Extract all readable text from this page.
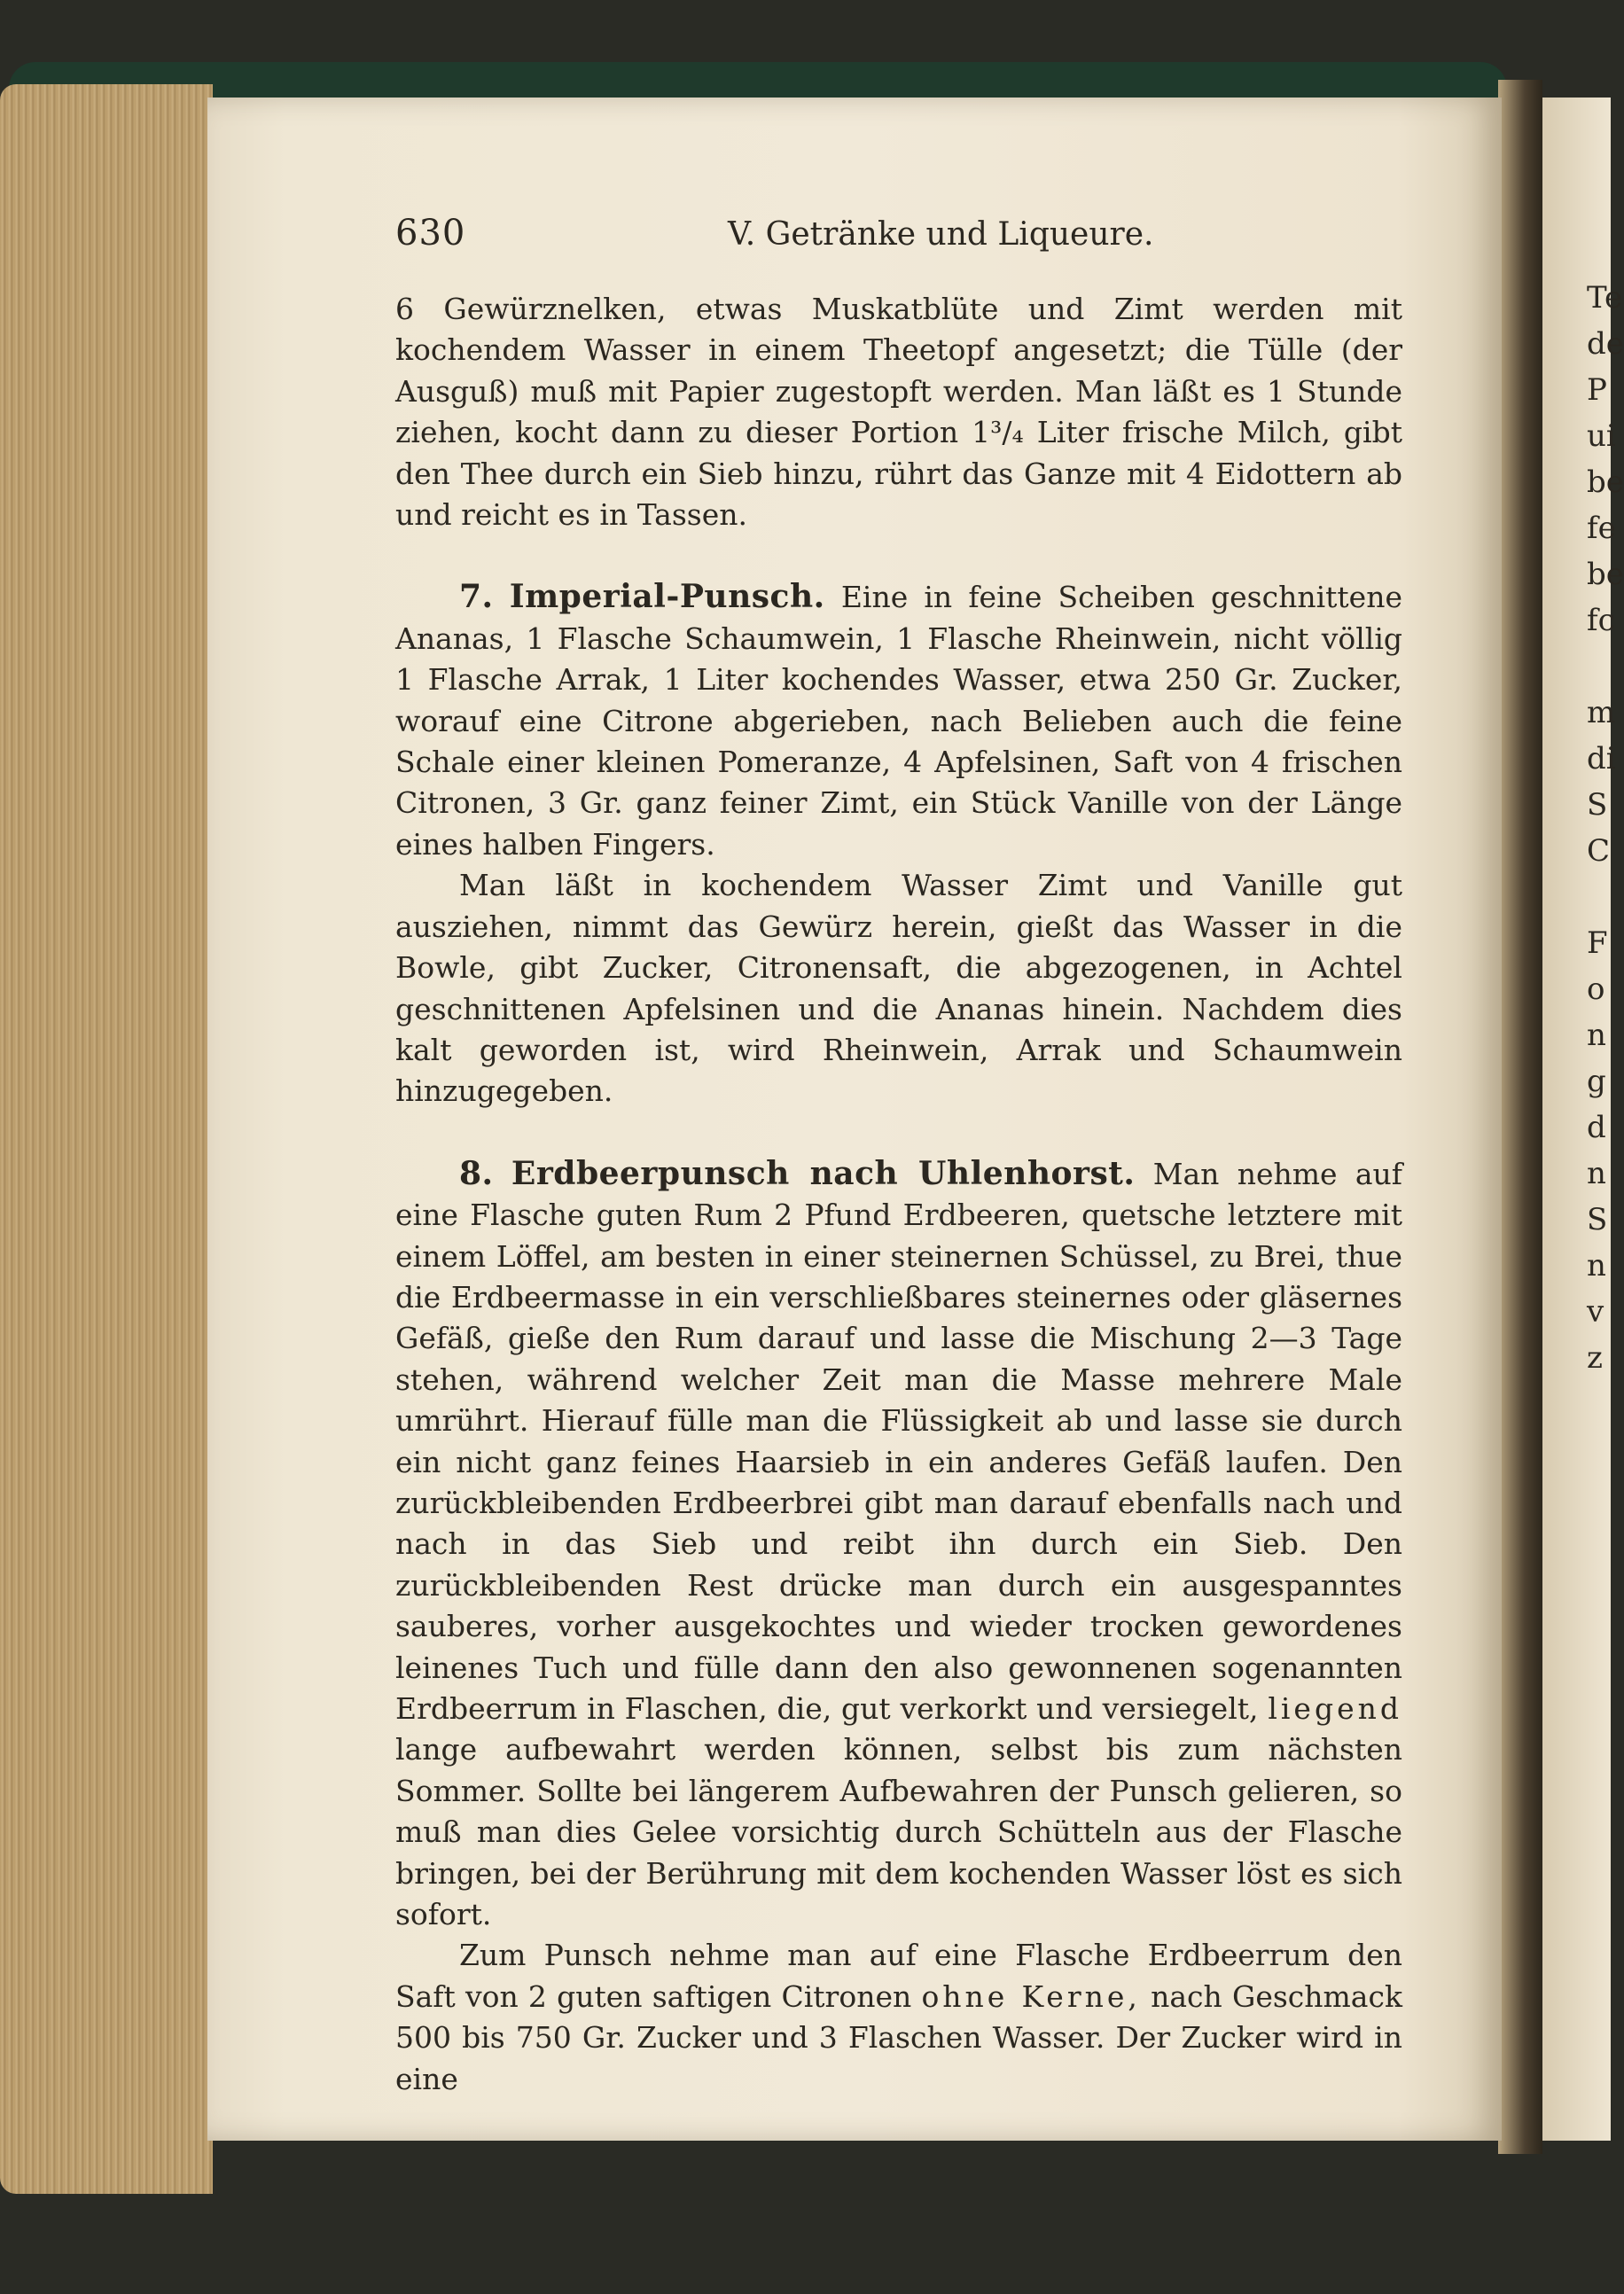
Te
de
P
ui
be
fe
be
fc
m
di
S
C
F
o
n
g
d
n
S
n
v
z
630	V. Getränke und Liqueure.

6 Gewürznelken, etwas Muskatblüte und Zimt werden mit kochendem Wasser in einem Theetopf angesetzt; die Tülle (der Ausguß) muß mit Papier zugestopft werden. Man läßt es 1 Stunde ziehen, kocht dann zu dieser Portion 1³/₄ Liter frische Milch, gibt den Thee durch ein Sieb hinzu, rührt das Ganze mit 4 Eidottern ab und reicht es in Tassen.

7. Imperial-Punsch. Eine in feine Scheiben geschnittene Ananas, 1 Flasche Schaumwein, 1 Flasche Rheinwein, nicht völlig 1 Flasche Arrak, 1 Liter kochendes Wasser, etwa 250 Gr. Zucker, worauf eine Citrone abgerieben, nach Belieben auch die feine Schale einer kleinen Pomeranze, 4 Apfelsinen, Saft von 4 frischen Citronen, 3 Gr. ganz feiner Zimt, ein Stück Vanille von der Länge eines halben Fingers.

Man läßt in kochendem Wasser Zimt und Vanille gut ausziehen, nimmt das Gewürz herein, gießt das Wasser in die Bowle, gibt Zucker, Citronensaft, die abgezogenen, in Achtel geschnittenen Apfelsinen und die Ananas hinein. Nachdem dies kalt geworden ist, wird Rheinwein, Arrak und Schaumwein hinzugegeben.

8. Erdbeerpunsch nach Uhlenhorst. Man nehme auf eine Flasche guten Rum 2 Pfund Erdbeeren, quetsche letztere mit einem Löffel, am besten in einer steinernen Schüssel, zu Brei, thue die Erdbeermasse in ein verschließbares steinernes oder gläsernes Gefäß, gieße den Rum darauf und lasse die Mischung 2—3 Tage stehen, während welcher Zeit man die Masse mehrere Male umrührt. Hierauf fülle man die Flüssigkeit ab und lasse sie durch ein nicht ganz feines Haarsieb in ein anderes Gefäß laufen. Den zurückbleibenden Erdbeerbrei gibt man darauf ebenfalls nach und nach in das Sieb und reibt ihn durch ein Sieb. Den zurückbleibenden Rest drücke man durch ein ausgespanntes sauberes, vorher ausgekochtes und wieder trocken gewordenes leinenes Tuch und fülle dann den also gewonnenen sogenannten Erdbeerrum in Flaschen, die, gut verkorkt und versiegelt, liegend lange aufbewahrt werden können, selbst bis zum nächsten Sommer. Sollte bei längerem Aufbewahren der Punsch gelieren, so muß man dies Gelee vorsichtig durch Schütteln aus der Flasche bringen, bei der Berührung mit dem kochenden Wasser löst es sich sofort.

Zum Punsch nehme man auf eine Flasche Erdbeerrum den Saft von 2 guten saftigen Citronen ohne Kerne, nach Geschmack 500 bis 750 Gr. Zucker und 3 Flaschen Wasser. Der Zucker wird in eine
